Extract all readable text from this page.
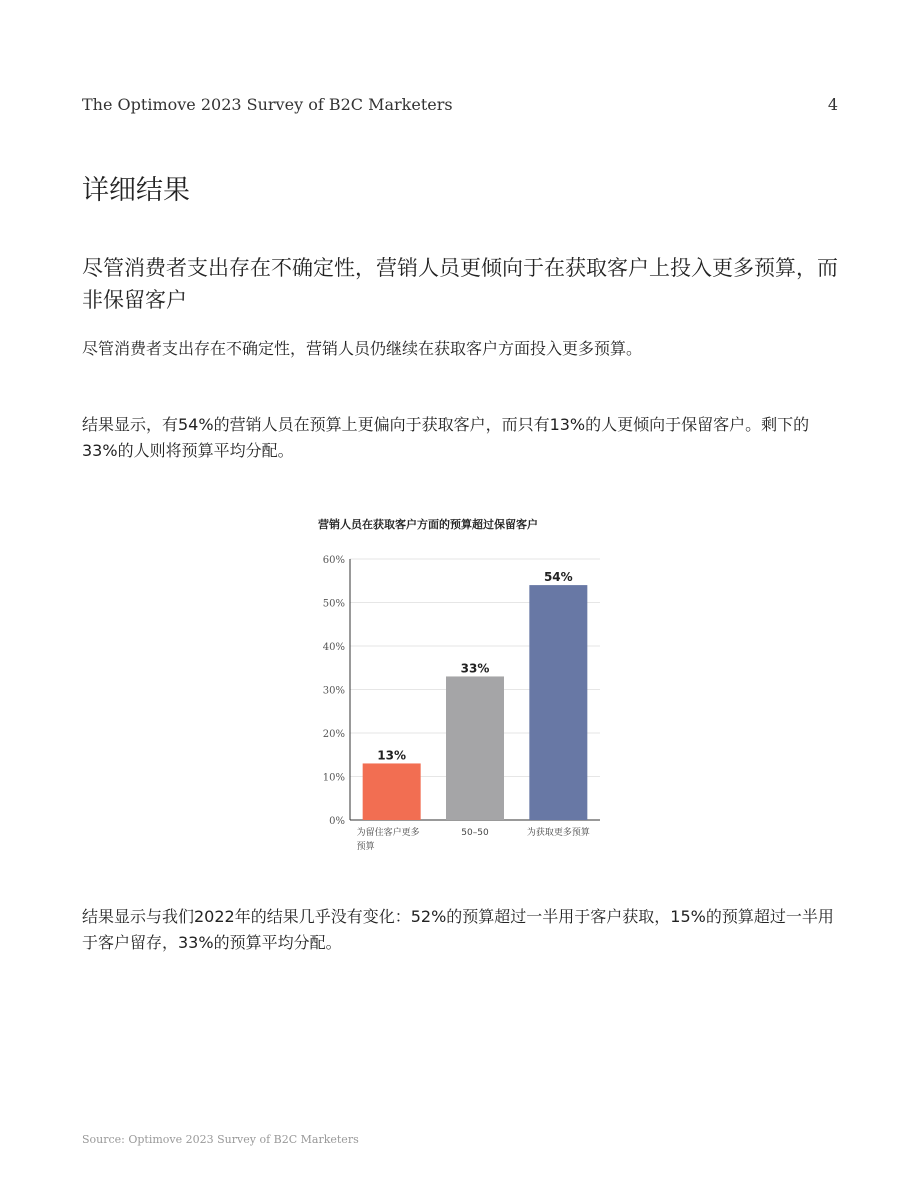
The Optimove 2023 Survey of B2C Marketers	4
详细结果
尽管消费者支出存在不确定性，营销人员更倾向于在获取客户上投入更多预算，而非保留客户
尽管消费者支出存在不确定性，营销人员仍继续在获取客户方面投入更多预算。
结果显示，有54%的营销人员在预算上更偏向于获取客户，而只有13%的人更倾向于保留客户。剩下的33%的人则将预算平均分配。
营销人员在获取客户方面的预算超过保留客户
0%
10%
20%
30%
40%
50%
60%
13%
为留住客户更多
预算
33%
50–50
54%
为获取更多预算
结果显示与我们2022年的结果几乎没有变化：52%的预算超过一半用于客户获取，15%的预算超过一半用于客户留存，33%的预算平均分配。
Source: Optimove 2023 Survey of B2C Marketers
